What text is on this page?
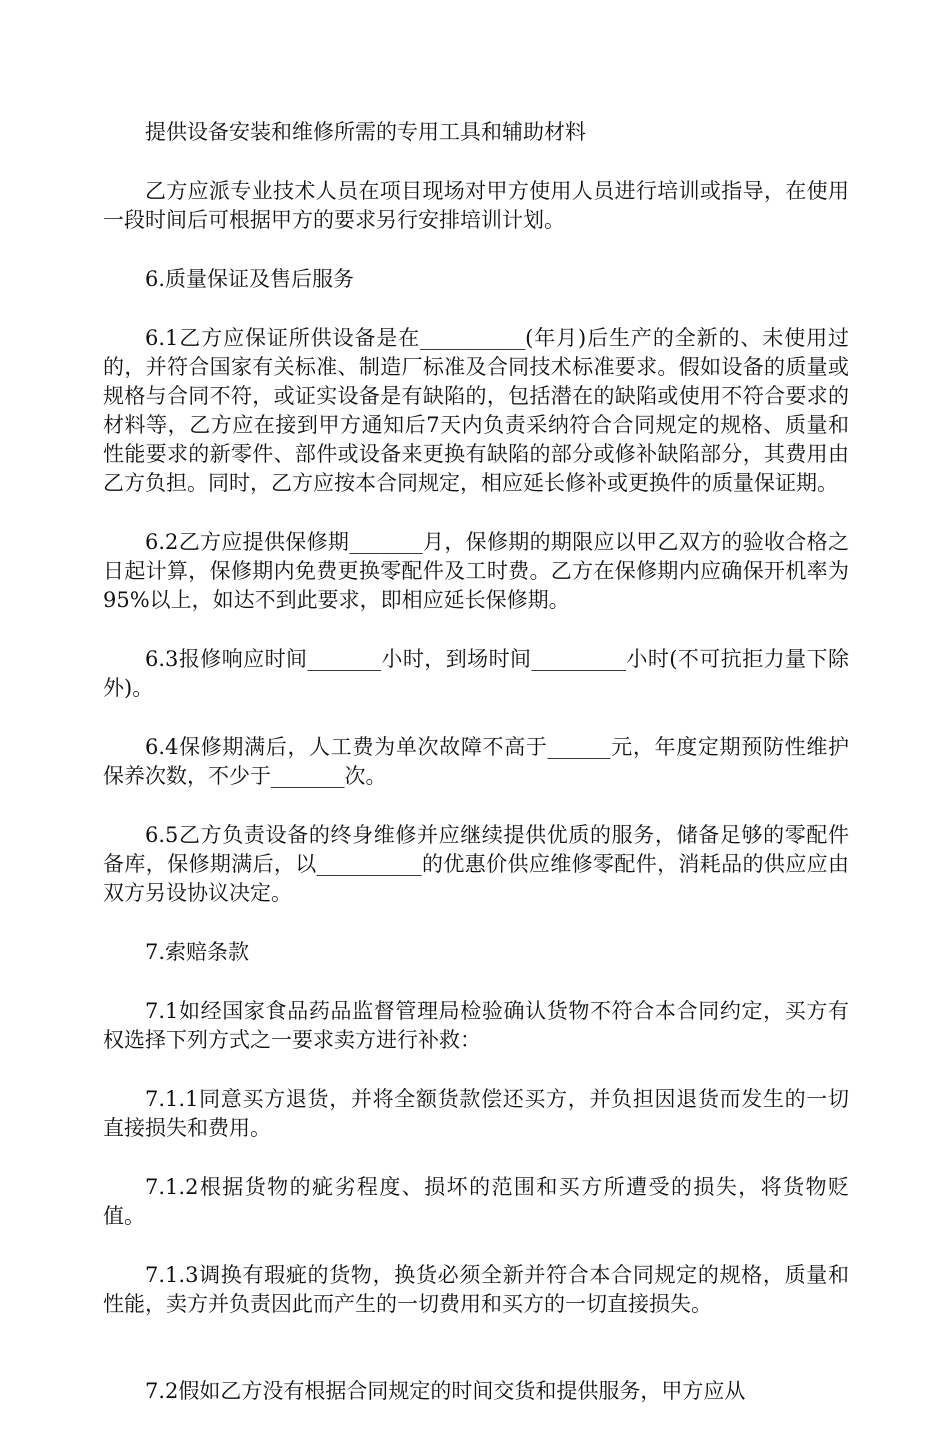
提供设备安装和维修所需的专用工具和辅助材料

乙方应派专业技术人员在项目现场对甲方使用人员进行培训或指导，在使用一段时间后可根据甲方的要求另行安排培训计划。

6.质量保证及售后服务

6.1乙方应保证所供设备是在__________(年月)后生产的全新的、未使用过的，并符合国家有关标准、制造厂标准及合同技术标准要求。假如设备的质量或规格与合同不符，或证实设备是有缺陷的，包括潜在的缺陷或使用不符合要求的材料等，乙方应在接到甲方通知后7天内负责采纳符合合同规定的规格、质量和性能要求的新零件、部件或设备来更换有缺陷的部分或修补缺陷部分，其费用由乙方负担。同时，乙方应按本合同规定，相应延长修补或更换件的质量保证期。

6.2乙方应提供保修期_______月，保修期的期限应以甲乙双方的验收合格之日起计算，保修期内免费更换零配件及工时费。乙方在保修期内应确保开机率为95%以上，如达不到此要求，即相应延长保修期。

6.3报修响应时间_______小时，到场时间_________小时(不可抗拒力量下除外)。

6.4保修期满后，人工费为单次故障不高于______元，年度定期预防性维护保养次数，不少于_______次。

6.5乙方负责设备的终身维修并应继续提供优质的服务，储备足够的零配件备库，保修期满后，以__________的优惠价供应维修零配件，消耗品的供应应由双方另设协议决定。

7.索赔条款

7.1如经国家食品药品监督管理局检验确认货物不符合本合同约定，买方有权选择下列方式之一要求卖方进行补救：

7.1.1同意买方退货，并将全额货款偿还买方，并负担因退货而发生的一切直接损失和费用。

7.1.2根据货物的疵劣程度、损坏的范围和买方所遭受的损失，将货物贬值。

7.1.3调换有瑕疵的货物，换货必须全新并符合本合同规定的规格，质量和性能，卖方并负责因此而产生的一切费用和买方的一切直接损失。

7.2假如乙方没有根据合同规定的时间交货和提供服务，甲方应从
